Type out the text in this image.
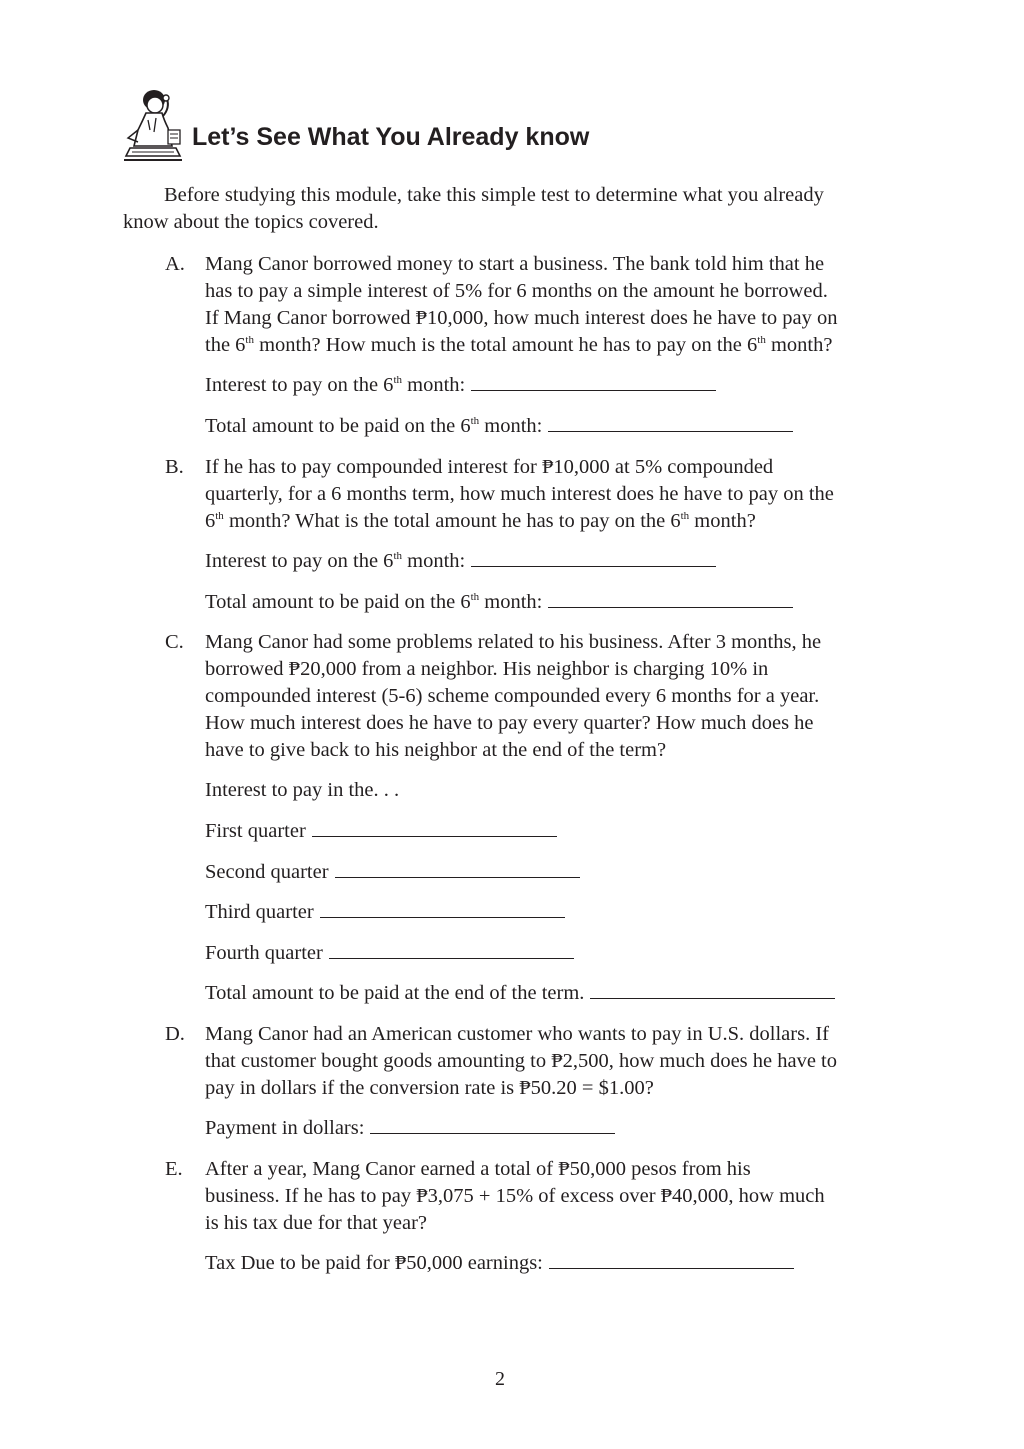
Let’s See What You Already know
Before studying this module, take this simple test to determine what you already
know about the topics covered.
A. Mang Canor borrowed money to start a business. The bank told him that he
has to pay a simple interest of 5% for 6 months on the amount he borrowed.
If Mang Canor borrowed ₱10,000, how much interest does he have to pay on
the 6th month? How much is the total amount he has to pay on the 6th month?
Interest to pay on the 6th month:
Total amount to be paid on the 6th month:
B. If he has to pay compounded interest for ₱10,000 at 5% compounded
quarterly, for a 6 months term, how much interest does he have to pay on the
6th month? What is the total amount he has to pay on the 6th month?
Interest to pay on the 6th month:
Total amount to be paid on the 6th month:
C. Mang Canor had some problems related to his business. After 3 months, he
borrowed ₱20,000 from a neighbor. His neighbor is charging 10% in
compounded interest (5-6) scheme compounded every 6 months for a year.
How much interest does he have to pay every quarter? How much does he
have to give back to his neighbor at the end of the term?
Interest to pay in the. . .
First quarter
Second quarter
Third quarter
Fourth quarter
Total amount to be paid at the end of the term.
D. Mang Canor had an American customer who wants to pay in U.S. dollars. If
that customer bought goods amounting to ₱2,500, how much does he have to
pay in dollars if the conversion rate is ₱50.20 = $1.00?
Payment in dollars:
E. After a year, Mang Canor earned a total of ₱50,000 pesos from his
business. If he has to pay ₱3,075 + 15% of excess over ₱40,000, how much
is his tax due for that year?
Tax Due to be paid for ₱50,000 earnings:
2
